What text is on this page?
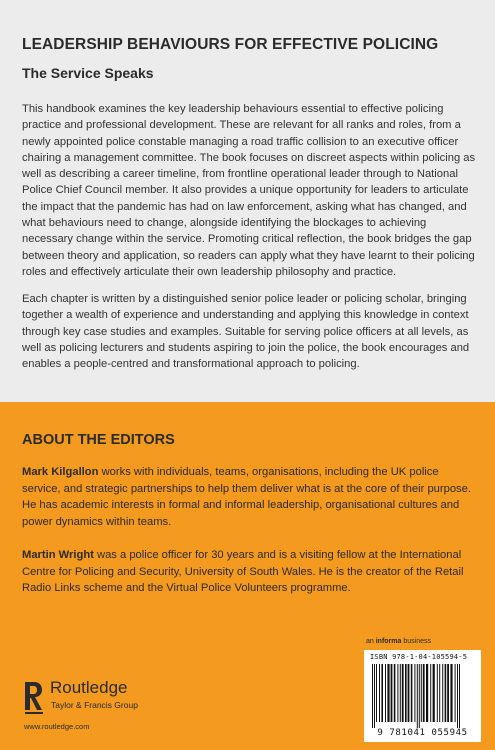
LEADERSHIP BEHAVIOURS FOR EFFECTIVE POLICING
The Service Speaks

This handbook examines the key leadership behaviours essential to effective policing practice and professional development. These are relevant for all ranks and roles, from a newly appointed police constable managing a road traffic collision to an executive officer chairing a management committee. The book focuses on discreet aspects within policing as well as describing a career timeline, from frontline operational leader through to National Police Chief Council member. It also provides a unique opportunity for leaders to articulate the impact that the pandemic has had on law enforcement, asking what has changed, and what behaviours need to change, alongside identifying the blockages to achieving necessary change within the service. Promoting critical reflection, the book bridges the gap between theory and application, so readers can apply what they have learnt to their policing roles and effectively articulate their own leadership philosophy and practice.

Each chapter is written by a distinguished senior police leader or policing scholar, bringing together a wealth of experience and understanding and applying this knowledge in context through key case studies and examples. Suitable for serving police officers at all levels, as well as policing lecturers and students aspiring to join the police, the book encourages and enables a people-centred and transformational approach to policing.

ABOUT THE EDITORS

Mark Kilgallon works with individuals, teams, organisations, including the UK police service, and strategic partnerships to help them deliver what is at the core of their purpose. He has academic interests in formal and informal leadership, organisational cultures and power dynamics within teams.

Martin Wright was a police officer for 30 years and is a visiting fellow at the International Centre for Policing and Security, University of South Wales. He is the creator of the Retail Radio Links scheme and the Virtual Police Volunteers programme.

Routledge
Taylor & Francis Group
www.routledge.com
an informa business
ISBN 978-1-04-105594-5
9 781041 055945
